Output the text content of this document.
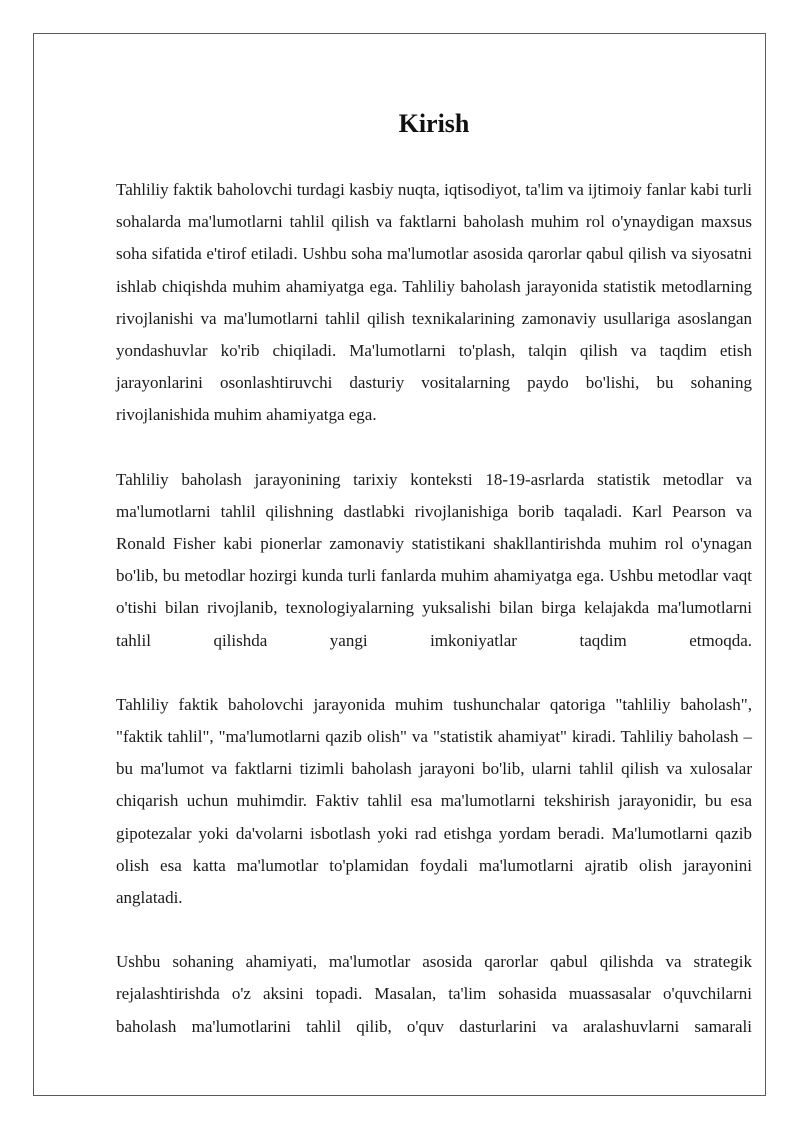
Kirish

Tahliliy faktik baholovchi turdagi kasbiy nuqta, iqtisodiyot, ta'lim va ijtimoiy fanlar kabi turli sohalarda ma'lumotlarni tahlil qilish va faktlarni baholash muhim rol o'ynaydigan maxsus soha sifatida e'tirof etiladi. Ushbu soha ma'lumotlar asosida qarorlar qabul qilish va siyosatni ishlab chiqishda muhim ahamiyatga ega. Tahliliy baholash jarayonida statistik metodlarning rivojlanishi va ma'lumotlarni tahlil qilish texnikalarining zamonaviy usullariga asoslangan yondashuvlar ko'rib chiqiladi. Ma'lumotlarni to'plash, talqin qilish va taqdim etish jarayonlarini osonlashtiruvchi dasturiy vositalarning paydo bo'lishi, bu sohaning rivojlanishida muhim ahamiyatga ega.

Tahliliy baholash jarayonining tarixiy konteksti 18-19-asrlarda statistik metodlar va ma'lumotlarni tahlil qilishning dastlabki rivojlanishiga borib taqaladi. Karl Pearson va Ronald Fisher kabi pionerlar zamonaviy statistikani shakllantirishda muhim rol o'ynagan bo'lib, bu metodlar hozirgi kunda turli fanlarda muhim ahamiyatga ega. Ushbu metodlar vaqt o'tishi bilan rivojlanib, texnologiyalarning yuksalishi bilan birga kelajakda ma'lumotlarni tahlil qilishda yangi imkoniyatlar taqdim etmoqda.

Tahliliy faktik baholovchi jarayonida muhim tushunchalar qatoriga "tahliliy baholash", "faktik tahlil", "ma'lumotlarni qazib olish" va "statistik ahamiyat" kiradi. Tahliliy baholash – bu ma'lumot va faktlarni tizimli baholash jarayoni bo'lib, ularni tahlil qilish va xulosalar chiqarish uchun muhimdir. Faktiv tahlil esa ma'lumotlarni tekshirish jarayonidir, bu esa gipotezalar yoki da'volarni isbotlash yoki rad etishga yordam beradi. Ma'lumotlarni qazib olish esa katta ma'lumotlar to'plamidan foydali ma'lumotlarni ajratib olish jarayonini anglatadi.

Ushbu sohaning ahamiyati, ma'lumotlar asosida qarorlar qabul qilishda va strategik rejalashtirishda o'z aksini topadi. Masalan, ta'lim sohasida muassasalar o'quvchilarni baholash ma'lumotlarini tahlil qilib, o'quv dasturlarini va aralashuvlarni samarali
